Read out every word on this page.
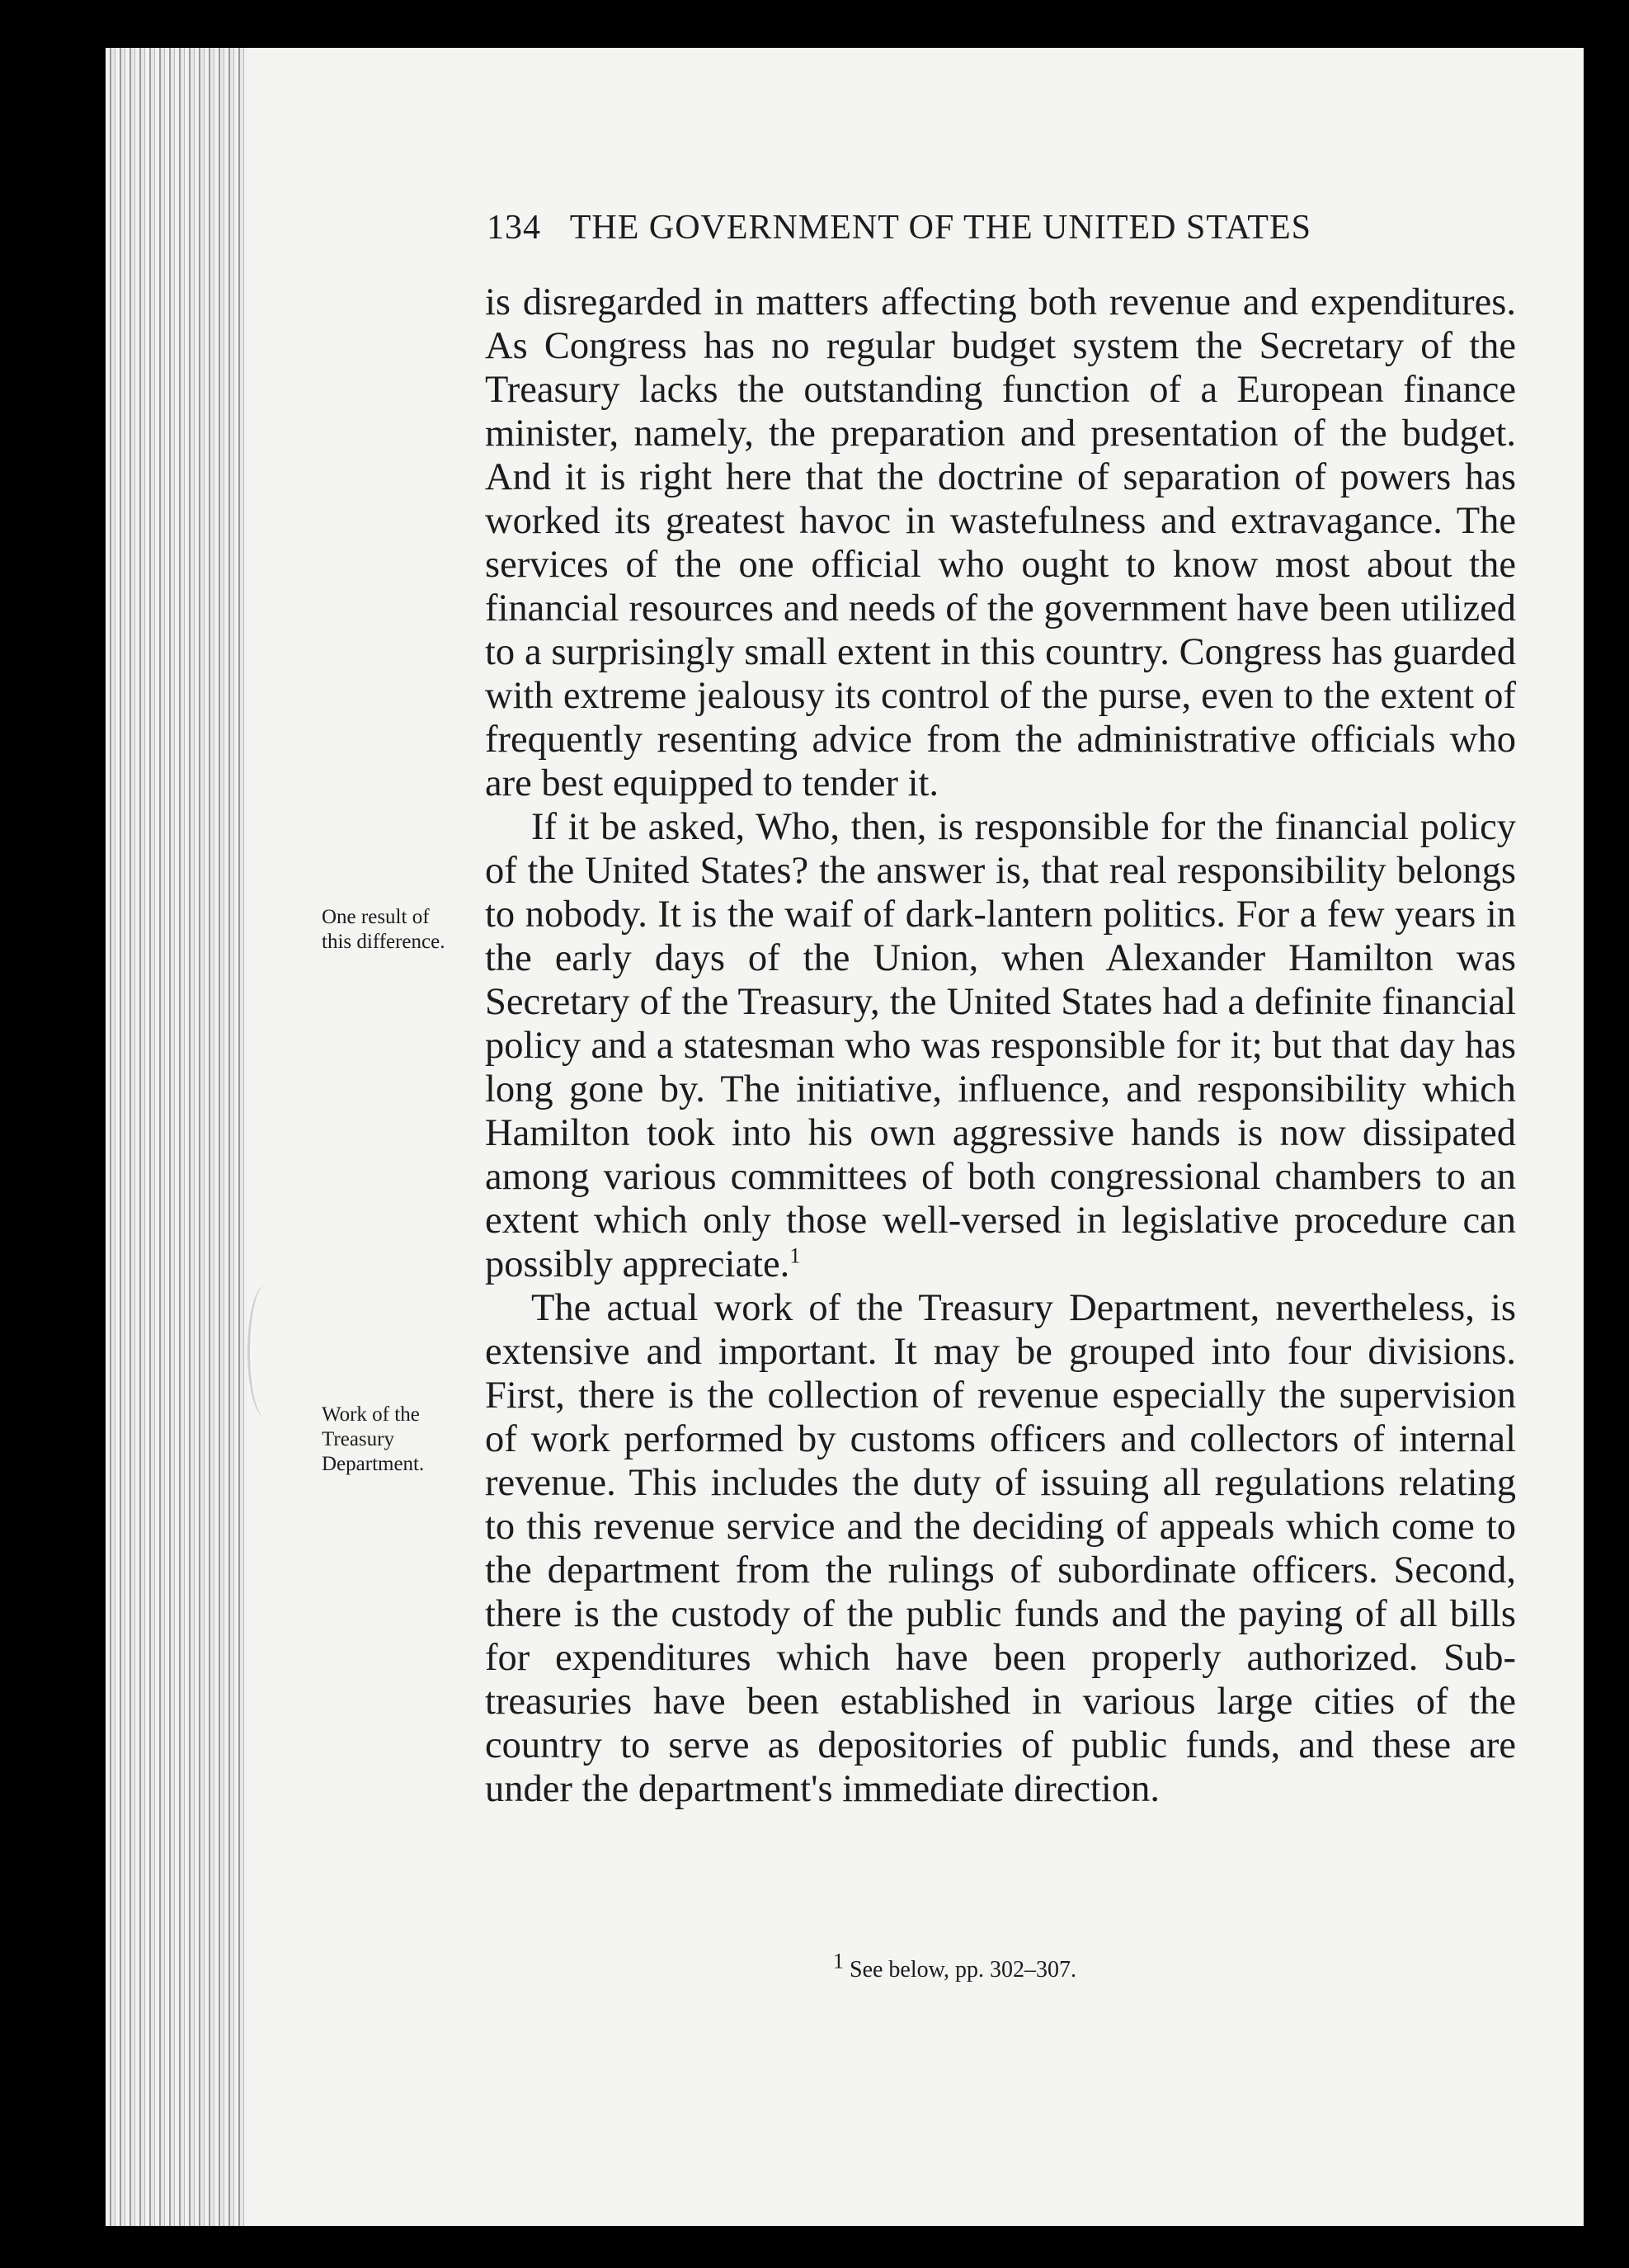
134 THE GOVERNMENT OF THE UNITED STATES
One result of this difference.
Work of the Treasury Department.

is disregarded in matters affecting both revenue and expenditures. As Congress has no regular budget system the Secretary of the Treasury lacks the outstanding function of a European finance minister, namely, the preparation and presentation of the budget. And it is right here that the doctrine of separation of powers has worked its greatest havoc in wastefulness and extravagance. The services of the one official who ought to know most about the financial resources and needs of the government have been utilized to a surprisingly small extent in this country. Congress has guarded with extreme jealousy its control of the purse, even to the extent of frequently resenting advice from the administrative officials who are best equipped to tender it.

If it be asked, Who, then, is responsible for the financial policy of the United States? the answer is, that real responsibility belongs to nobody. It is the waif of dark-lantern politics. For a few years in the early days of the Union, when Alexander Hamilton was Secretary of the Treasury, the United States had a definite financial policy and a statesman who was responsible for it; but that day has long gone by. The initiative, influence, and responsibility which Hamilton took into his own aggressive hands is now dissipated among various committees of both congressional chambers to an extent which only those well-versed in legislative procedure can possibly appreciate.$^1$

The actual work of the Treasury Department, nevertheless, is extensive and important. It may be grouped into four divisions. First, there is the collection of revenue especially the supervision of work performed by customs officers and collectors of internal revenue. This includes the duty of issuing all regulations relating to this revenue service and the deciding of appeals which come to the department from the rulings of subordinate officers. Second, there is the custody of the public funds and the paying of all bills for expenditures which have been properly authorized. Sub-treasuries have been established in various large cities of the country to serve as depositories of public funds, and these are under the department's immediate direction.

$^1$ See below, pp. 302–307.
